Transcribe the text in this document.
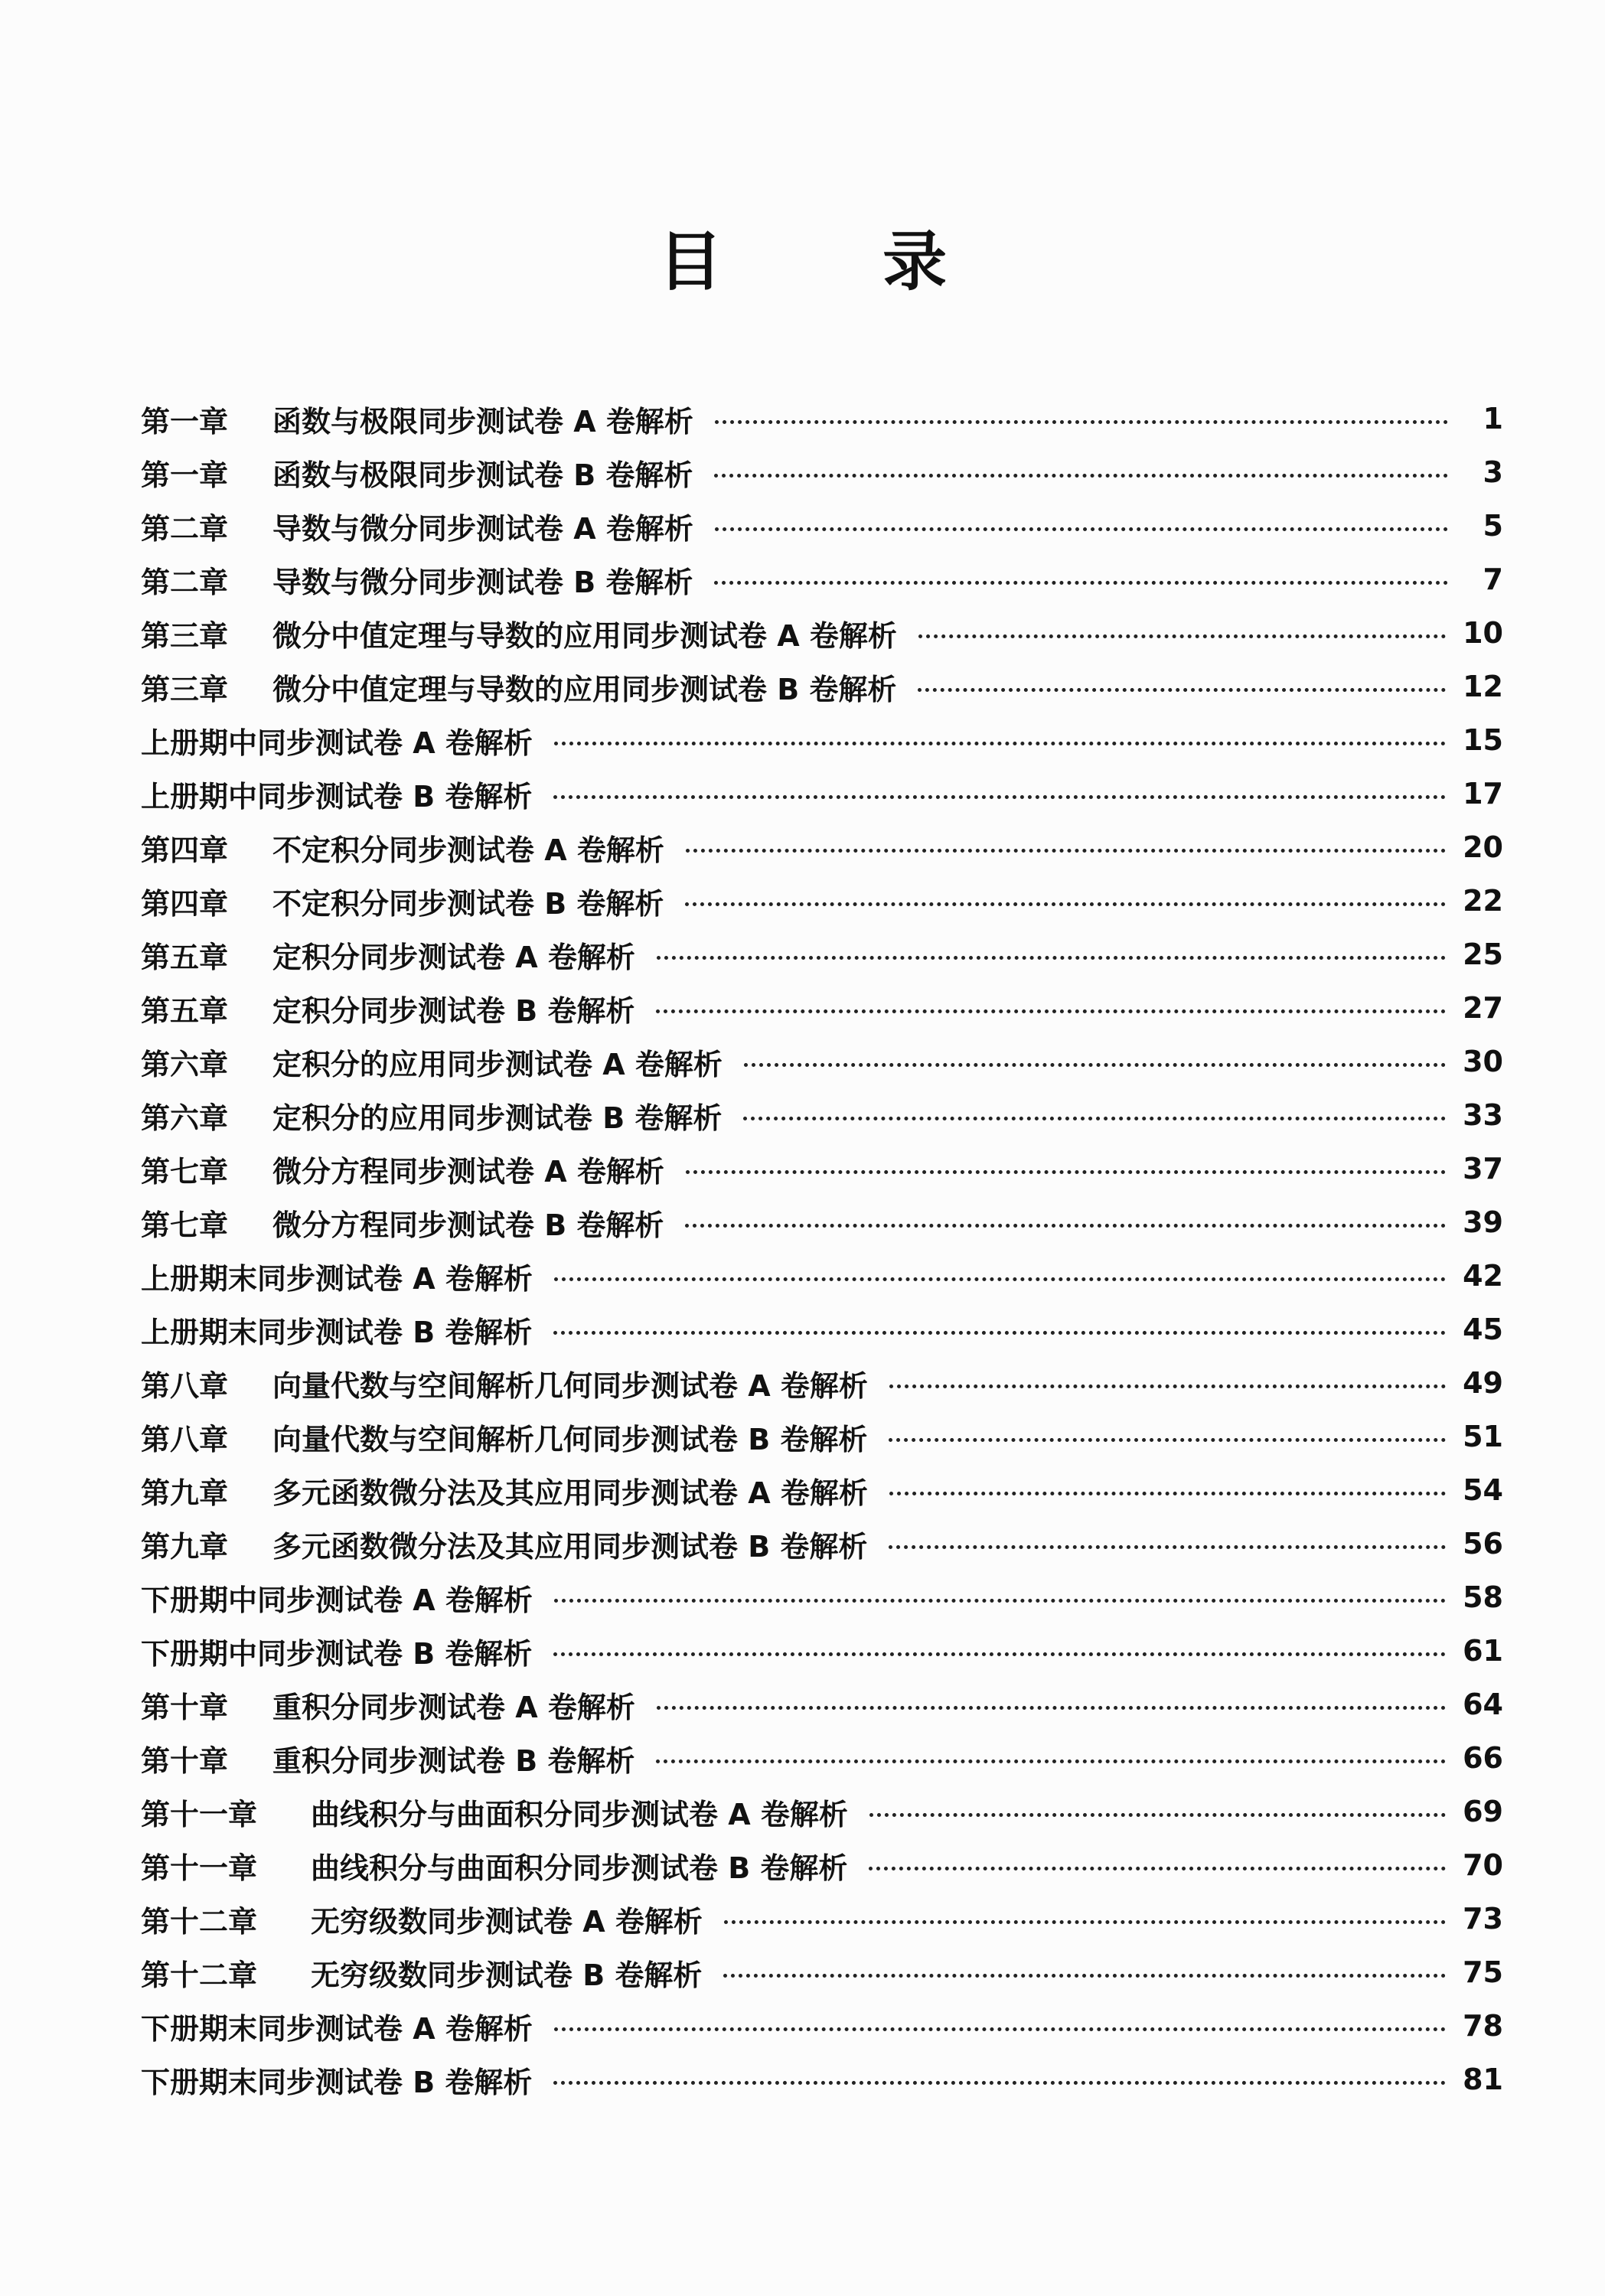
目 录
第一章	函数与极限同步测试卷 A 卷解析	1
第一章	函数与极限同步测试卷 B 卷解析	3
第二章	导数与微分同步测试卷 A 卷解析	5
第二章	导数与微分同步测试卷 B 卷解析	7
第三章	微分中值定理与导数的应用同步测试卷 A 卷解析	10
第三章	微分中值定理与导数的应用同步测试卷 B 卷解析	12
上册期中同步测试卷 A 卷解析	15
上册期中同步测试卷 B 卷解析	17
第四章	不定积分同步测试卷 A 卷解析	20
第四章	不定积分同步测试卷 B 卷解析	22
第五章	定积分同步测试卷 A 卷解析	25
第五章	定积分同步测试卷 B 卷解析	27
第六章	定积分的应用同步测试卷 A 卷解析	30
第六章	定积分的应用同步测试卷 B 卷解析	33
第七章	微分方程同步测试卷 A 卷解析	37
第七章	微分方程同步测试卷 B 卷解析	39
上册期末同步测试卷 A 卷解析	42
上册期末同步测试卷 B 卷解析	45
第八章	向量代数与空间解析几何同步测试卷 A 卷解析	49
第八章	向量代数与空间解析几何同步测试卷 B 卷解析	51
第九章	多元函数微分法及其应用同步测试卷 A 卷解析	54
第九章	多元函数微分法及其应用同步测试卷 B 卷解析	56
下册期中同步测试卷 A 卷解析	58
下册期中同步测试卷 B 卷解析	61
第十章	重积分同步测试卷 A 卷解析	64
第十章	重积分同步测试卷 B 卷解析	66
第十一章	曲线积分与曲面积分同步测试卷 A 卷解析	69
第十一章	曲线积分与曲面积分同步测试卷 B 卷解析	70
第十二章	无穷级数同步测试卷 A 卷解析	73
第十二章	无穷级数同步测试卷 B 卷解析	75
下册期末同步测试卷 A 卷解析	78
下册期末同步测试卷 B 卷解析	81
